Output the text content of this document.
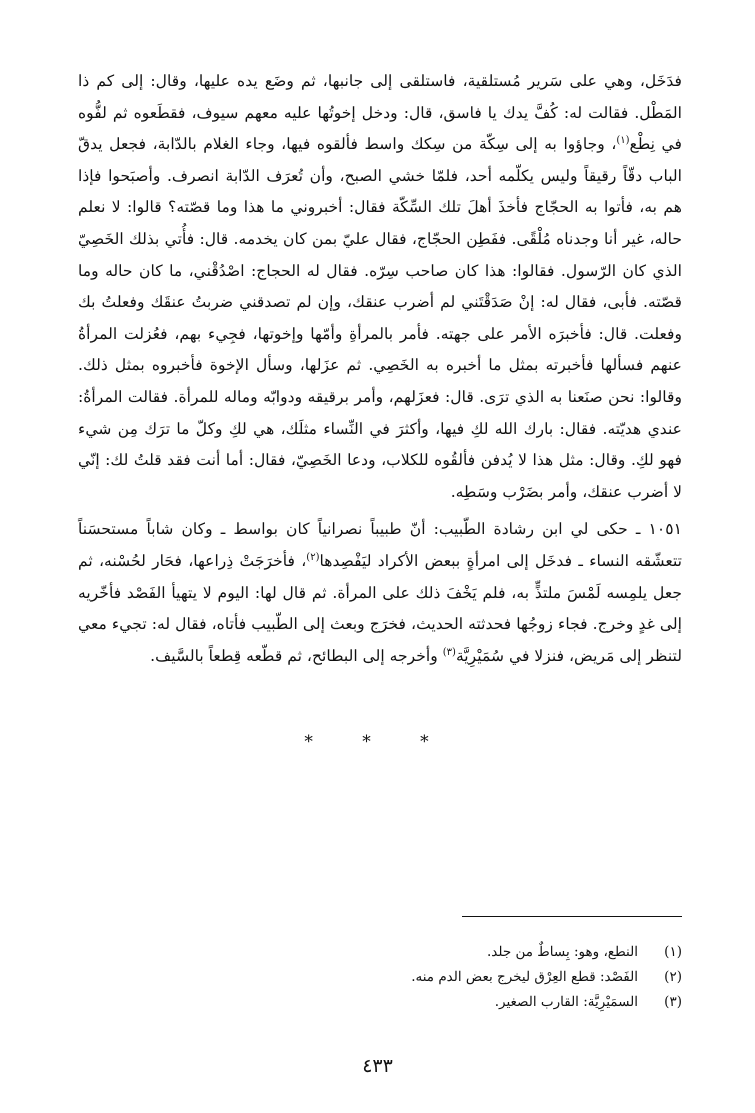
فدَخَل، وهي على سَرير مُستلقية، فاستلقى إلى جانبها، ثم وضَع يده عليها، وقال: إلى كم ذا المَطْل. فقالت له: كُفَّ يدك يا فاسق، قال: ودخل إخوتُها عليه معهم سيوف، فقطَعوه ثم لفُّوه في نِطْع$^{(١)}$، وجاؤوا به إلى سِكّة من سِكك واسط فألقوه فيها، وجاء الغلام بالدّابة، فجعل يدقّ الباب دقّاً رقيقاً وليس يكلّمه أحد، فلمّا خشي الصبح، وأن تُعرَف الدّابة انصرف. وأصبَحوا فإذا هم به، فأتوا به الحجّاج فأخذَ أهلَ تلك السِّكّة فقال: أخبروني ما هذا وما قصّته؟ قالوا: لا نعلم حاله، غير أنا وجدناه مُلْقًى. ففَطِن الحجّاج، فقال عليّ بمن كان يخدمه. قال: فأُتي بذلك الخَصِيّ الذي كان الرّسول. فقالوا: هذا كان صاحب سِرّه. فقال له الحجاج: اصْدُقْني، ما كان حاله وما قصّته. فأبى، فقال له: إنْ صَدَقْتَني لم أضرب عنقك، وإن لم تصدقني ضربتُ عنقَك وفعلتُ بك وفعلت. قال: فأخبرَه الأمر على جهته. فأمر بالمرأةِ وأمّها وإخوتها، فجِيء بهم، فعُزلت المرأةُ عنهم فسألها فأخبرته بمثل ما أخبره به الخَصِي. ثم عزَلها، وسأل الإخوة فأخبروه بمثل ذلك. وقالوا: نحن صنَعنا به الذي ترَى. قال: فعزَلهم، وأمر برقيقه ودوابّه وماله للمرأة. فقالت المرأةُ: عندي هديّته. فقال: بارك الله لكِ فيها، وأكثرَ في النِّساء مثلَك، هي لكِ وكلّ ما ترَك مِن شيء فهو لكِ. وقال: مثل هذا لا يُدفن فألقُوه للكلاب، ودعا الخَصِيّ، فقال: أما أنت فقد قلتُ لك: إنّي لا أضرب عنقك، وأمر بضَرْب وسَطِه.

١٠٥١ ـ حكى لي ابن رشادة الطّبيب: أنّ طبيباً نصرانياً كان بواسط ـ وكان شاباً مستحسَناً تتعشّقه النساء ـ فدخَل إلى امرأةٍ ببعض الأكراد ليَفْصِدها$^{(٢)}$، فأخرَجَتْ ذِراعها، فحَار لحُسْنه، ثم جعل يلمِسه لَمْسَ ملتذٍّ به، فلم يَخْفَ ذلك على المرأة. ثم قال لها: اليوم لا يتهيأ الفَصْد فأخّريه إلى غدٍ وخرج. فجاء زوجُها فحدثته الحديث، فخرَج وبعث إلى الطّبيب فأتاه، فقال له: تجيء معي لتنظر إلى مَريض، فنزلا في سُمَيْرِيَّة$^{(٣)}$ وأخرجه إلى البطائح، ثم قطّعه قِطعاً بالسَّيف.

* * *
(١)
النطع، وهو: بِساطٌ من جلد.
(٢)
الفَصْد: قطع العِرْق ليخرج بعض الدم منه.
(٣)
السمَيْرِيَّة: القارب الصغير.
٤٣٣
